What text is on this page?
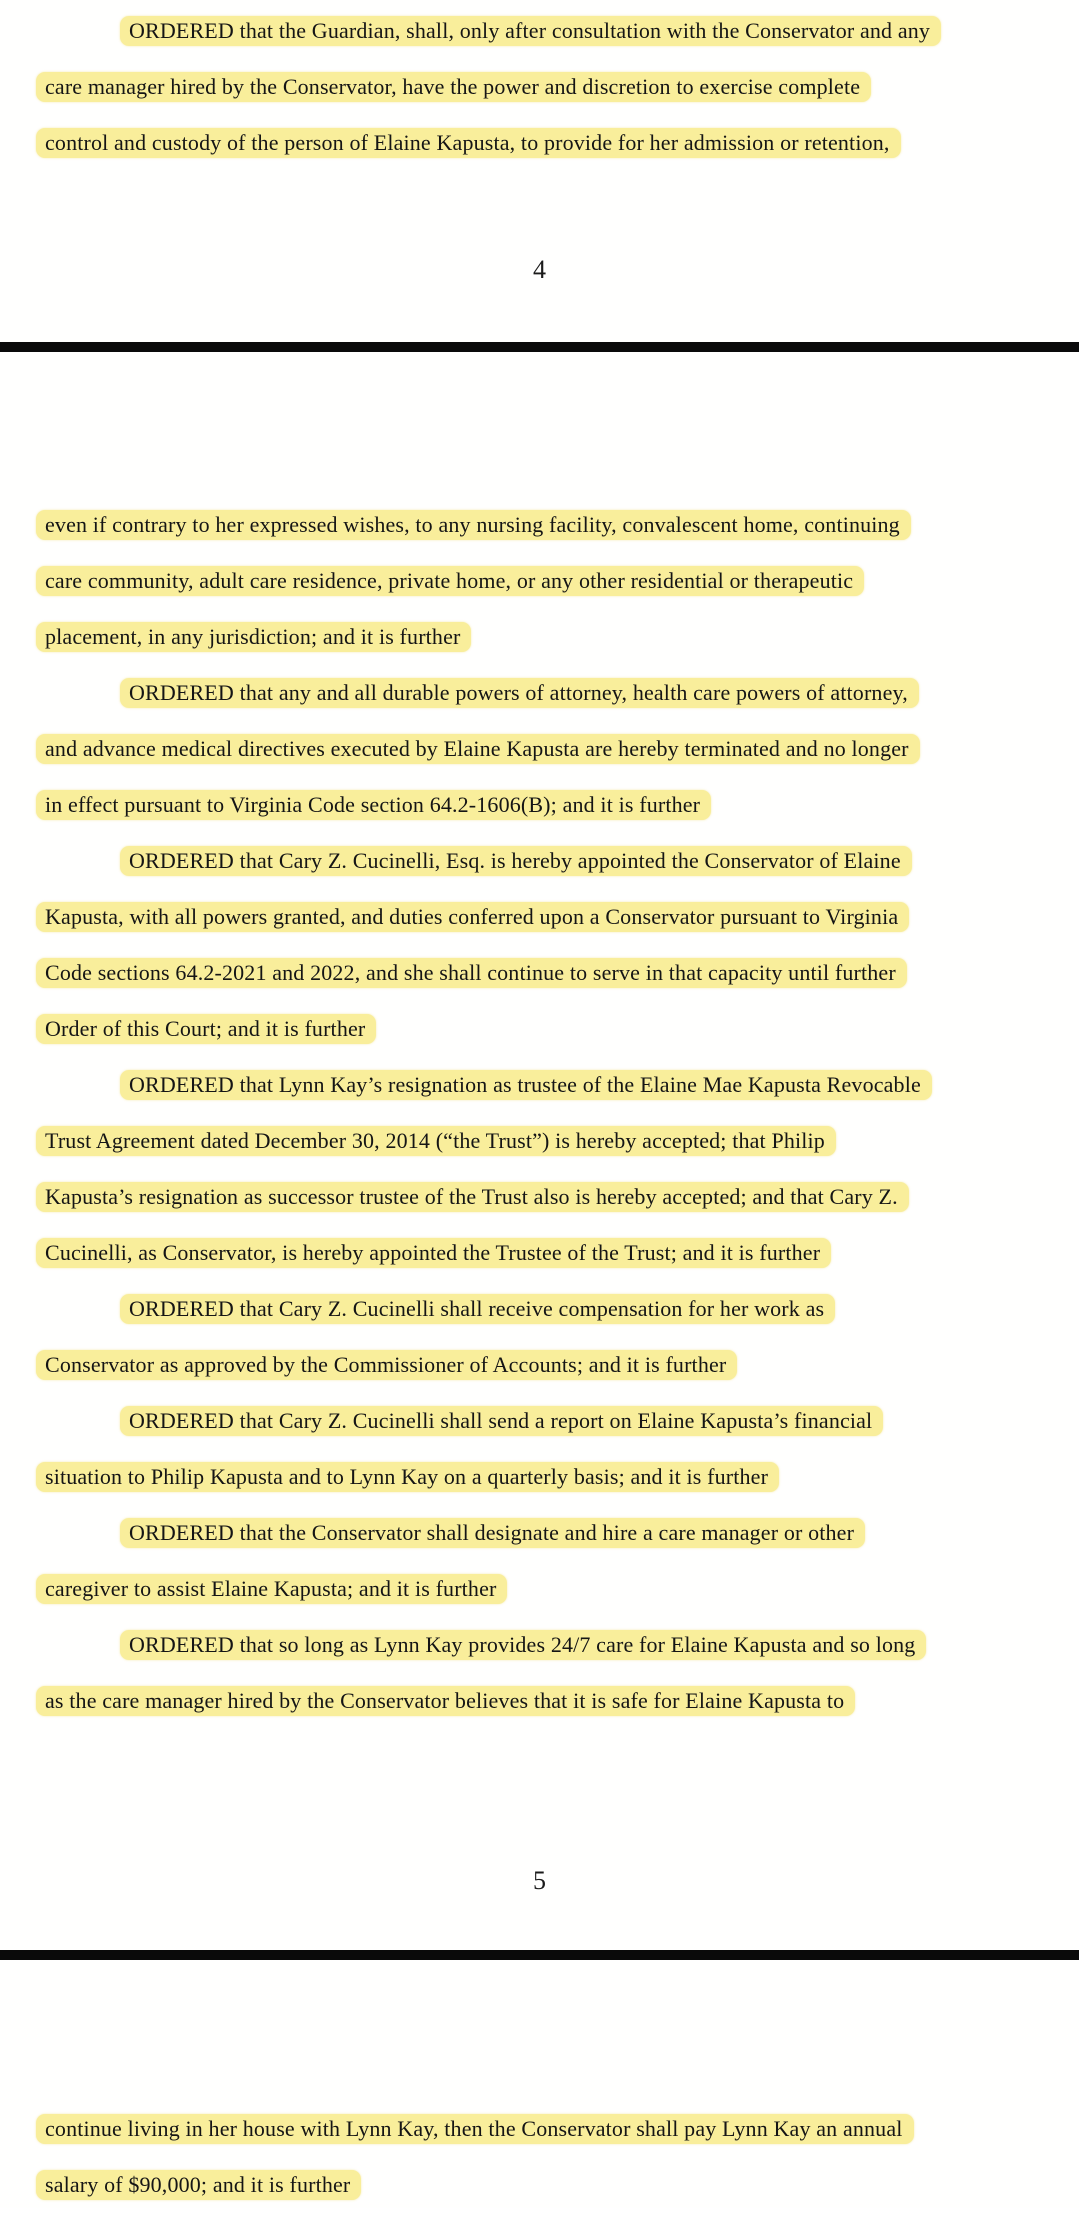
ORDERED that the Guardian, shall, only after consultation with the Conservator and any
care manager hired by the Conservator, have the power and discretion to exercise complete
control and custody of the person of Elaine Kapusta, to provide for her admission or retention,
4
even if contrary to her expressed wishes, to any nursing facility, convalescent home, continuing
care community, adult care residence, private home, or any other residential or therapeutic
placement, in any jurisdiction; and it is further
ORDERED that any and all durable powers of attorney, health care powers of attorney,
and advance medical directives executed by Elaine Kapusta are hereby terminated and no longer
in effect pursuant to Virginia Code section 64.2-1606(B); and it is further
ORDERED that Cary Z. Cucinelli, Esq. is hereby appointed the Conservator of Elaine
Kapusta, with all powers granted, and duties conferred upon a Conservator pursuant to Virginia
Code sections 64.2-2021 and 2022, and she shall continue to serve in that capacity until further
Order of this Court; and it is further
ORDERED that Lynn Kay’s resignation as trustee of the Elaine Mae Kapusta Revocable
Trust Agreement dated December 30, 2014 (“the Trust”) is hereby accepted; that Philip
Kapusta’s resignation as successor trustee of the Trust also is hereby accepted; and that Cary Z.
Cucinelli, as Conservator, is hereby appointed the Trustee of the Trust; and it is further
ORDERED that Cary Z. Cucinelli shall receive compensation for her work as
Conservator as approved by the Commissioner of Accounts; and it is further
ORDERED that Cary Z. Cucinelli shall send a report on Elaine Kapusta’s financial
situation to Philip Kapusta and to Lynn Kay on a quarterly basis; and it is further
ORDERED that the Conservator shall designate and hire a care manager or other
caregiver to assist Elaine Kapusta; and it is further
ORDERED that so long as Lynn Kay provides 24/7 care for Elaine Kapusta and so long
as the care manager hired by the Conservator believes that it is safe for Elaine Kapusta to
5
continue living in her house with Lynn Kay, then the Conservator shall pay Lynn Kay an annual
salary of $90,000; and it is further
